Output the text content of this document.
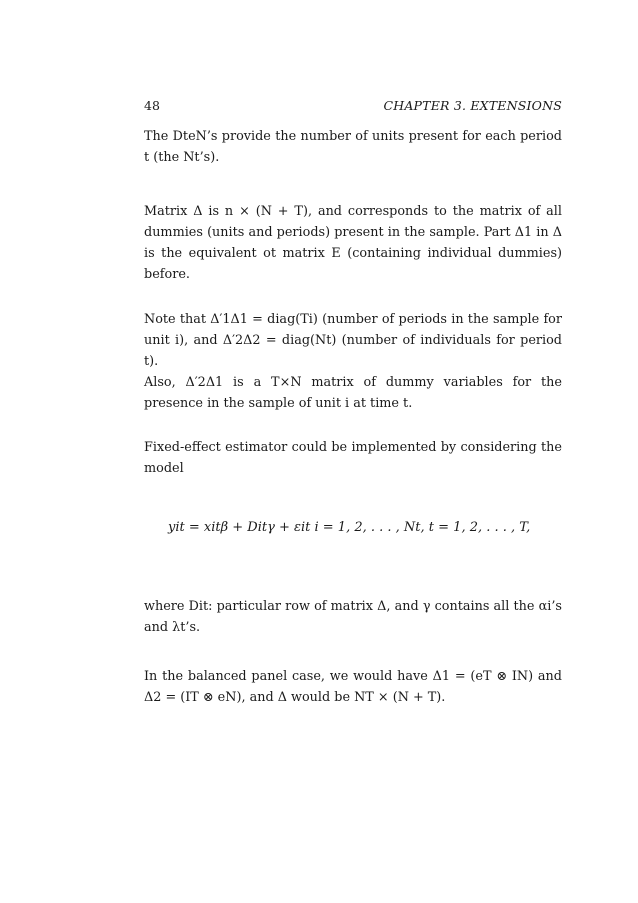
48	CHAPTER 3. EXTENSIONS
The DteN’s provide the number of units present for each period t (the Nt’s).
Matrix Δ is n × (N + T), and corresponds to the matrix of all dummies (units and periods) present in the sample. Part Δ1 in Δ is the equivalent ot matrix E (containing individual dummies) before.
Note that Δ′1Δ1 = diag(Ti) (number of periods in the sample for unit i), and Δ′2Δ2 = diag(Nt) (number of individuals for period t).
Also, Δ′2Δ1 is a T×N matrix of dummy variables for the presence in the sample of unit i at time t.
Fixed-effect estimator could be implemented by considering the model
yit = xitβ + Ditγ + εit i = 1, 2, . . . , Nt, t = 1, 2, . . . , T,
where Dit: particular row of matrix Δ, and γ contains all the αi’s and λt’s.
In the balanced panel case, we would have Δ1 = (eT ⊗ IN) and Δ2 = (IT ⊗ eN), and Δ would be NT × (N + T).
